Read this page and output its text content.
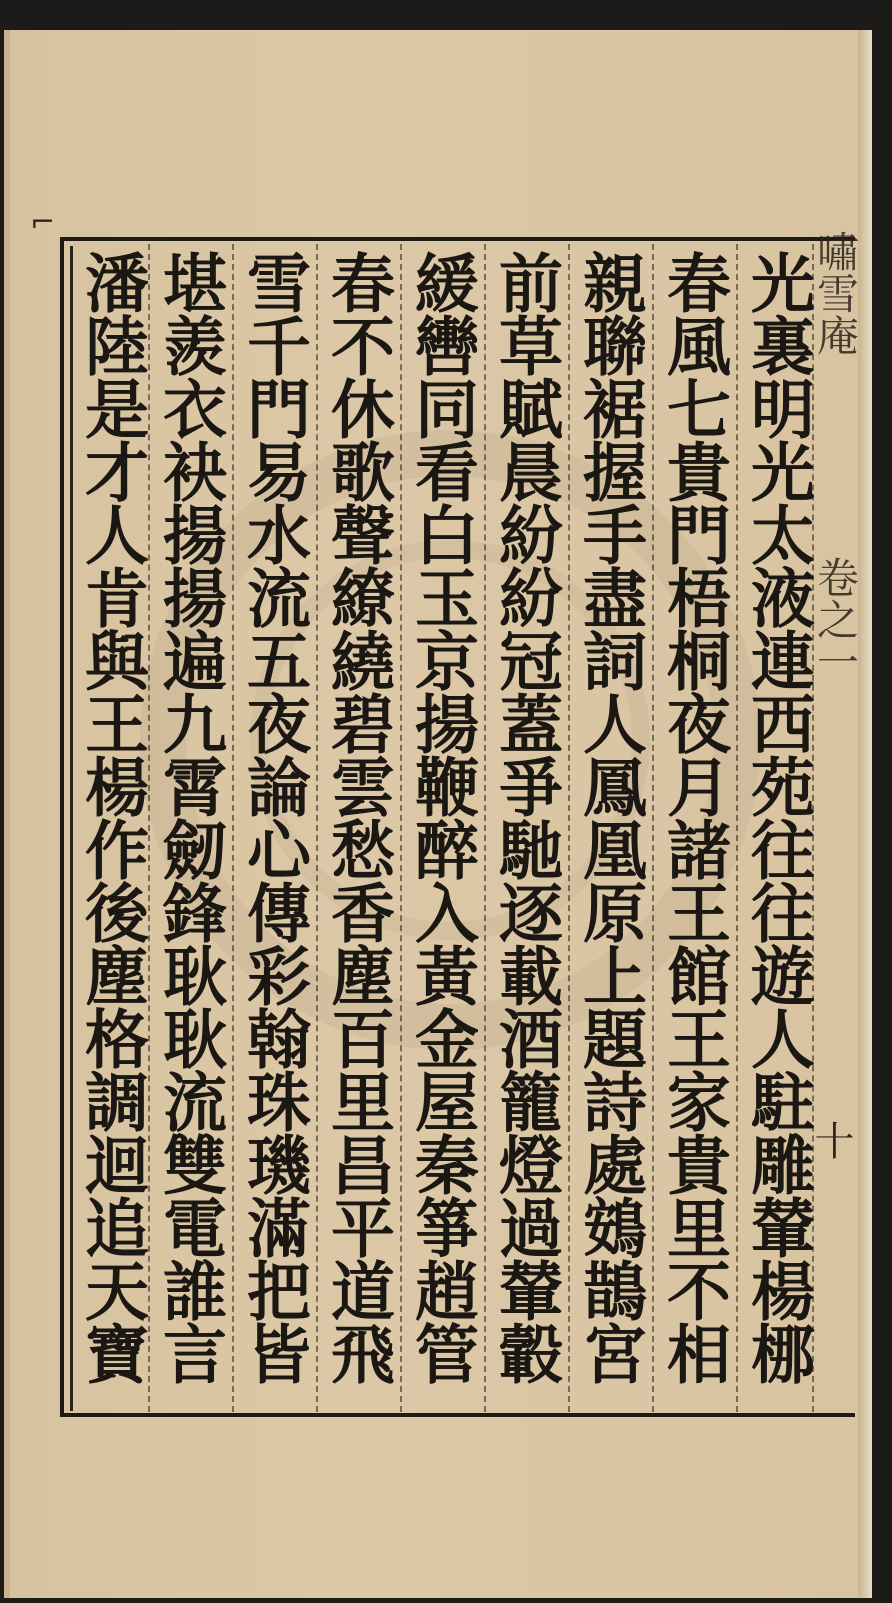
⌐
光裏明光太液連西苑往往遊人駐雕輦楊梛
春風七貴門梧桐夜月諸王館王家貴里不相
親聯裾握手盡詞人鳳凰原上題詩處鴳鵲宮
前草賦晨紛紛冠蓋爭馳逐載酒籠燈過輦轂
緩轡同看白玉京揚鞭醉入黃金屋秦箏趙管
春不休歌聲繚繞碧雲愁香塵百里昌平道飛
雪千門易水流五夜論心傳彩翰珠璣滿把皆
堪羨衣袂揚揚遍九霄劒鋒耿耿流雙電誰言
潘陸是才人肯與王楊作後塵格調迴追天寶	嘯雪庵卷之一
十
